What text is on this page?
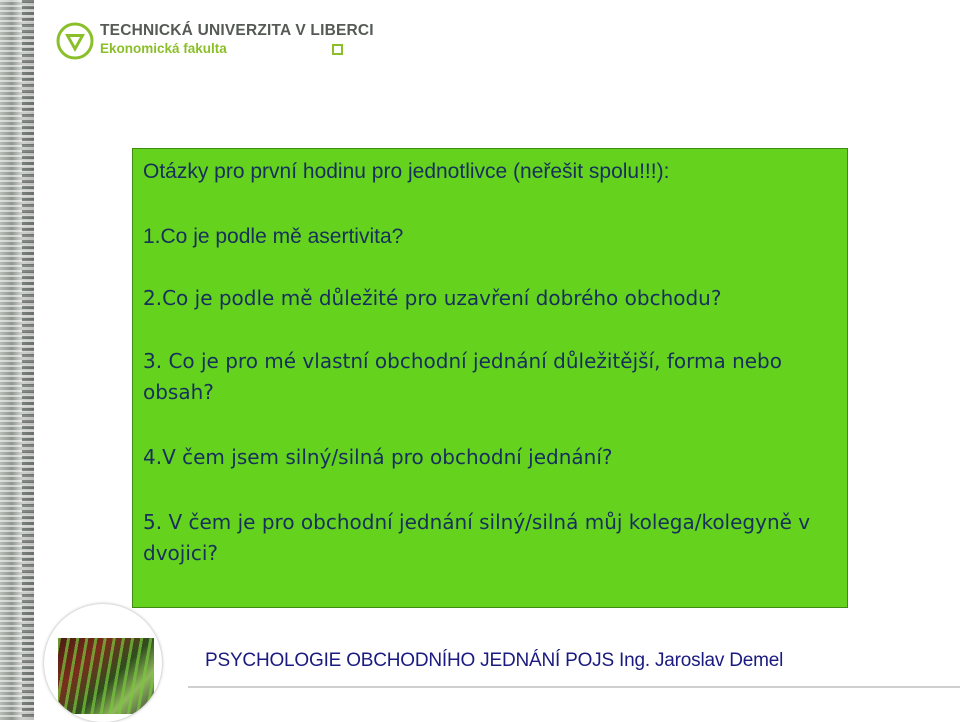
TECHNICKÁ UNIVERZITA V LIBERCI
Ekonomická fakulta

Otázky pro první hodinu pro jednotlivce (neřešit spolu!!!):

1.Co je podle mě asertivita?

2.Co je podle mě důležité pro uzavření dobrého obchodu?

3. Co je pro mé vlastní obchodní jednání důležitější, forma nebo obsah?

4.V čem jsem silný/silná pro obchodní jednání?

5. V čem je pro obchodní jednání silný/silná můj kolega/kolegyně v dvojici?

PSYCHOLOGIE OBCHODNÍHO JEDNÁNÍ POJS Ing. Jaroslav Demel
